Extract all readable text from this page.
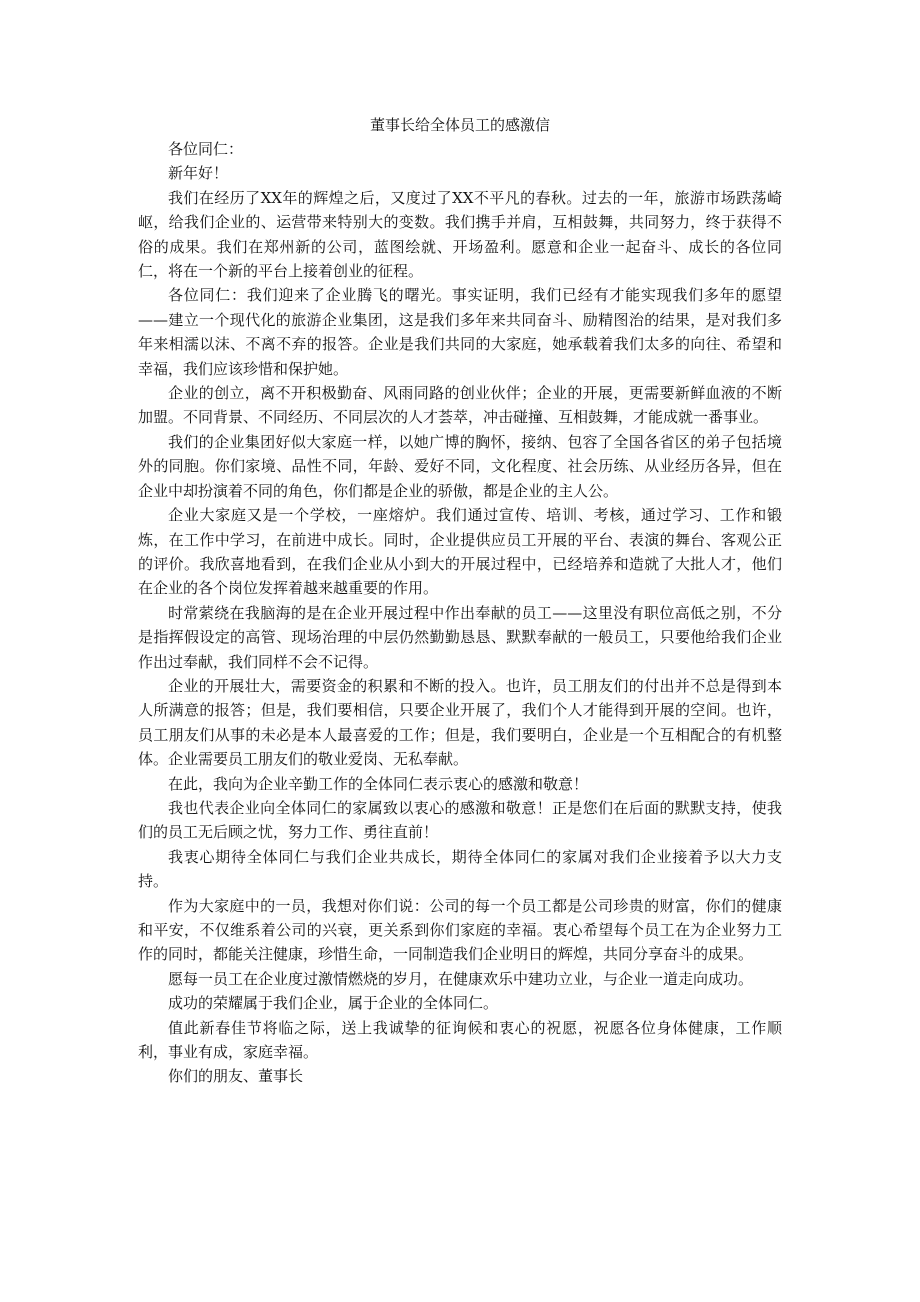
董事长给全体员工的感激信

各位同仁：

新年好！

我们在经历了XX年的辉煌之后，又度过了XX不平凡的春秋。过去的一年，旅游市场跌荡崎岖，给我们企业的、运营带来特别大的变数。我们携手并肩，互相鼓舞，共同努力，终于获得不俗的成果。我们在郑州新的公司，蓝图绘就、开场盈利。愿意和企业一起奋斗、成长的各位同仁，将在一个新的平台上接着创业的征程。

各位同仁：我们迎来了企业腾飞的曙光。事实证明，我们已经有才能实现我们多年的愿望——建立一个现代化的旅游企业集团，这是我们多年来共同奋斗、励精图治的结果，是对我们多年来相濡以沫、不离不弃的报答。企业是我们共同的大家庭，她承载着我们太多的向往、希望和幸福，我们应该珍惜和保护她。

企业的创立，离不开积极勤奋、风雨同路的创业伙伴；企业的开展，更需要新鲜血液的不断加盟。不同背景、不同经历、不同层次的人才荟萃，冲击碰撞、互相鼓舞，才能成就一番事业。

我们的企业集团好似大家庭一样，以她广博的胸怀，接纳、包容了全国各省区的弟子包括境外的同胞。你们家境、品性不同，年龄、爱好不同，文化程度、社会历练、从业经历各异，但在企业中却扮演着不同的角色，你们都是企业的骄傲，都是企业的主人公。

企业大家庭又是一个学校，一座熔炉。我们通过宣传、培训、考核，通过学习、工作和锻炼，在工作中学习，在前进中成长。同时，企业提供应员工开展的平台、表演的舞台、客观公正的评价。我欣喜地看到，在我们企业从小到大的开展过程中，已经培养和造就了大批人才，他们在企业的各个岗位发挥着越来越重要的作用。

时常萦绕在我脑海的是在企业开展过程中作出奉献的员工——这里没有职位高低之别，不分是指挥假设定的高管、现场治理的中层仍然勤勤恳恳、默默奉献的一般员工，只要他给我们企业作出过奉献，我们同样不会不记得。

企业的开展壮大，需要资金的积累和不断的投入。也许，员工朋友们的付出并不总是得到本人所满意的报答；但是，我们要相信，只要企业开展了，我们个人才能得到开展的空间。也许，员工朋友们从事的未必是本人最喜爱的工作；但是，我们要明白，企业是一个互相配合的有机整体。企业需要员工朋友们的敬业爱岗、无私奉献。

在此，我向为企业辛勤工作的全体同仁表示衷心的感激和敬意！

我也代表企业向全体同仁的家属致以衷心的感激和敬意！正是您们在后面的默默支持，使我们的员工无后顾之忧，努力工作、勇往直前！

我衷心期待全体同仁与我们企业共成长，期待全体同仁的家属对我们企业接着予以大力支持。

作为大家庭中的一员，我想对你们说：公司的每一个员工都是公司珍贵的财富，你们的健康和平安，不仅维系着公司的兴衰，更关系到你们家庭的幸福。衷心希望每个员工在为企业努力工作的同时，都能关注健康，珍惜生命，一同制造我们企业明日的辉煌，共同分享奋斗的成果。

愿每一员工在企业度过激情燃烧的岁月，在健康欢乐中建功立业，与企业一道走向成功。

成功的荣耀属于我们企业，属于企业的全体同仁。

值此新春佳节将临之际，送上我诚挚的征询候和衷心的祝愿，祝愿各位身体健康，工作顺利，事业有成，家庭幸福。

你们的朋友、董事长
